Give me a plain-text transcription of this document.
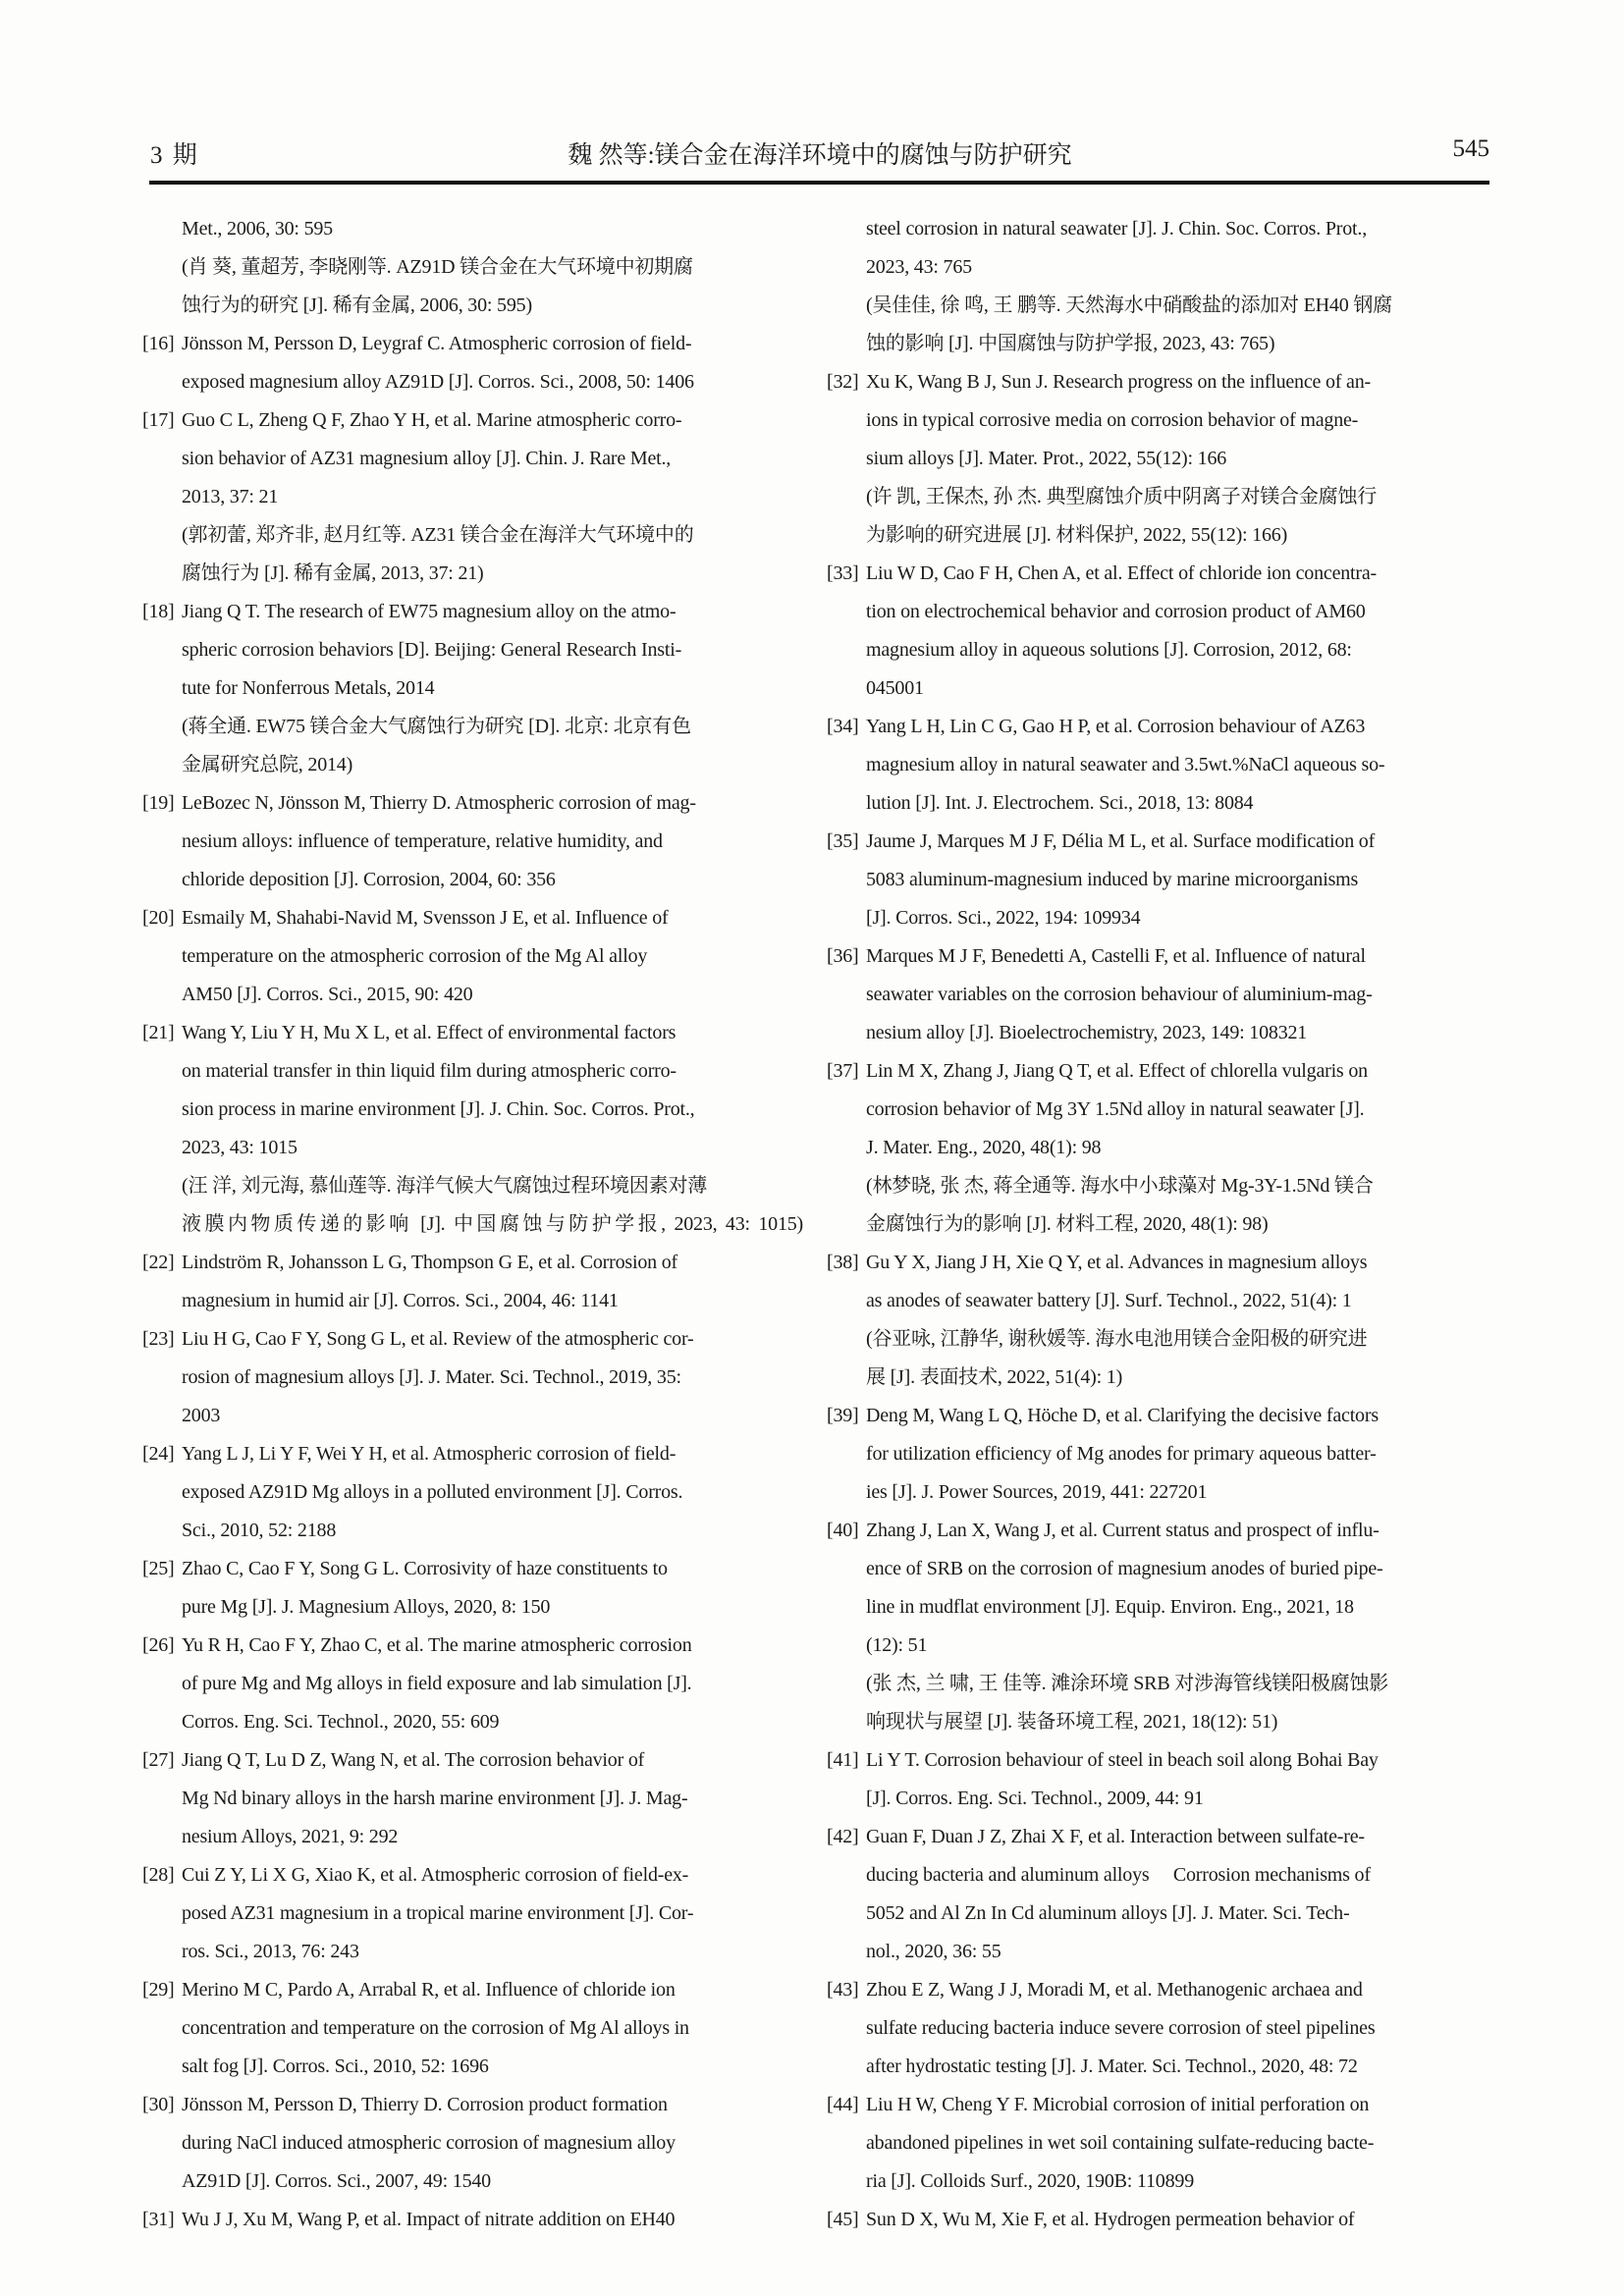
3 期	魏 然等:镁合金在海洋环境中的腐蚀与防护研究	545
Met., 2006, 30: 595
(肖 葵, 董超芳, 李晓刚等. AZ91D 镁合金在大气环境中初期腐
蚀行为的研究 [J]. 稀有金属, 2006, 30: 595)
[16] Jönsson M, Persson D, Leygraf C. Atmospheric corrosion of field-
exposed magnesium alloy AZ91D [J]. Corros. Sci., 2008, 50: 1406
[17] Guo C L, Zheng Q F, Zhao Y H, et al. Marine atmospheric corro-
sion behavior of AZ31 magnesium alloy [J]. Chin. J. Rare Met.,
2013, 37: 21
(郭初蕾, 郑齐非, 赵月红等. AZ31 镁合金在海洋大气环境中的
腐蚀行为 [J]. 稀有金属, 2013, 37: 21)
[18] Jiang Q T. The research of EW75 magnesium alloy on the atmo-
spheric corrosion behaviors [D]. Beijing: General Research Insti-
tute for Nonferrous Metals, 2014
(蒋全通. EW75 镁合金大气腐蚀行为研究 [D]. 北京: 北京有色
金属研究总院, 2014)
[19] LeBozec N, Jönsson M, Thierry D. Atmospheric corrosion of mag-
nesium alloys: influence of temperature, relative humidity, and
chloride deposition [J]. Corrosion, 2004, 60: 356
[20] Esmaily M, Shahabi-Navid M, Svensson J E, et al. Influence of
temperature on the atmospheric corrosion of the Mg Al alloy
AM50 [J]. Corros. Sci., 2015, 90: 420
[21] Wang Y, Liu Y H, Mu X L, et al. Effect of environmental factors
on material transfer in thin liquid film during atmospheric corro-
sion process in marine environment [J]. J. Chin. Soc. Corros. Prot.,
2023, 43: 1015
(汪 洋, 刘元海, 慕仙莲等. 海洋气候大气腐蚀过程环境因素对薄
液膜内物质传递的影响 [J]. 中国腐蚀与防护学报, 2023, 43: 1015)
[22] Lindström R, Johansson L G, Thompson G E, et al. Corrosion of
magnesium in humid air [J]. Corros. Sci., 2004, 46: 1141
[23] Liu H G, Cao F Y, Song G L, et al. Review of the atmospheric cor-
rosion of magnesium alloys [J]. J. Mater. Sci. Technol., 2019, 35:
2003
[24] Yang L J, Li Y F, Wei Y H, et al. Atmospheric corrosion of field-
exposed AZ91D Mg alloys in a polluted environment [J]. Corros.
Sci., 2010, 52: 2188
[25] Zhao C, Cao F Y, Song G L. Corrosivity of haze constituents to
pure Mg [J]. J. Magnesium Alloys, 2020, 8: 150
[26] Yu R H, Cao F Y, Zhao C, et al. The marine atmospheric corrosion
of pure Mg and Mg alloys in field exposure and lab simulation [J].
Corros. Eng. Sci. Technol., 2020, 55: 609
[27] Jiang Q T, Lu D Z, Wang N, et al. The corrosion behavior of
Mg Nd binary alloys in the harsh marine environment [J]. J. Mag-
nesium Alloys, 2021, 9: 292
[28] Cui Z Y, Li X G, Xiao K, et al. Atmospheric corrosion of field-ex-
posed AZ31 magnesium in a tropical marine environment [J]. Cor-
ros. Sci., 2013, 76: 243
[29] Merino M C, Pardo A, Arrabal R, et al. Influence of chloride ion
concentration and temperature on the corrosion of Mg Al alloys in
salt fog [J]. Corros. Sci., 2010, 52: 1696
[30] Jönsson M, Persson D, Thierry D. Corrosion product formation
during NaCl induced atmospheric corrosion of magnesium alloy
AZ91D [J]. Corros. Sci., 2007, 49: 1540
[31] Wu J J, Xu M, Wang P, et al. Impact of nitrate addition on EH40
steel corrosion in natural seawater [J]. J. Chin. Soc. Corros. Prot.,
2023, 43: 765
(吴佳佳, 徐 鸣, 王 鹏等. 天然海水中硝酸盐的添加对 EH40 钢腐
蚀的影响 [J]. 中国腐蚀与防护学报, 2023, 43: 765)
[32] Xu K, Wang B J, Sun J. Research progress on the influence of an-
ions in typical corrosive media on corrosion behavior of magne-
sium alloys [J]. Mater. Prot., 2022, 55(12): 166
(许 凯, 王保杰, 孙 杰. 典型腐蚀介质中阴离子对镁合金腐蚀行
为影响的研究进展 [J]. 材料保护, 2022, 55(12): 166)
[33] Liu W D, Cao F H, Chen A, et al. Effect of chloride ion concentra-
tion on electrochemical behavior and corrosion product of AM60
magnesium alloy in aqueous solutions [J]. Corrosion, 2012, 68:
045001
[34] Yang L H, Lin C G, Gao H P, et al. Corrosion behaviour of AZ63
magnesium alloy in natural seawater and 3.5wt.%NaCl aqueous so-
lution [J]. Int. J. Electrochem. Sci., 2018, 13: 8084
[35] Jaume J, Marques M J F, Délia M L, et al. Surface modification of
5083 aluminum-magnesium induced by marine microorganisms
[J]. Corros. Sci., 2022, 194: 109934
[36] Marques M J F, Benedetti A, Castelli F, et al. Influence of natural
seawater variables on the corrosion behaviour of aluminium-mag-
nesium alloy [J]. Bioelectrochemistry, 2023, 149: 108321
[37] Lin M X, Zhang J, Jiang Q T, et al. Effect of chlorella vulgaris on
corrosion behavior of Mg 3Y 1.5Nd alloy in natural seawater [J].
J. Mater. Eng., 2020, 48(1): 98
(林梦晓, 张 杰, 蒋全通等. 海水中小球藻对 Mg-3Y-1.5Nd 镁合
金腐蚀行为的影响 [J]. 材料工程, 2020, 48(1): 98)
[38] Gu Y X, Jiang J H, Xie Q Y, et al. Advances in magnesium alloys
as anodes of seawater battery [J]. Surf. Technol., 2022, 51(4): 1
(谷亚咏, 江静华, 谢秋媛等. 海水电池用镁合金阳极的研究进
展 [J]. 表面技术, 2022, 51(4): 1)
[39] Deng M, Wang L Q, Höche D, et al. Clarifying the decisive factors
for utilization efficiency of Mg anodes for primary aqueous batter-
ies [J]. J. Power Sources, 2019, 441: 227201
[40] Zhang J, Lan X, Wang J, et al. Current status and prospect of influ-
ence of SRB on the corrosion of magnesium anodes of buried pipe-
line in mudflat environment [J]. Equip. Environ. Eng., 2021, 18
(12): 51
(张 杰, 兰 啸, 王 佳等. 滩涂环境 SRB 对涉海管线镁阳极腐蚀影
响现状与展望 [J]. 装备环境工程, 2021, 18(12): 51)
[41] Li Y T. Corrosion behaviour of steel in beach soil along Bohai Bay
[J]. Corros. Eng. Sci. Technol., 2009, 44: 91
[42] Guan F, Duan J Z, Zhai X F, et al. Interaction between sulfate-re-
ducing bacteria and aluminum alloys   Corrosion mechanisms of
5052 and Al Zn In Cd aluminum alloys [J]. J. Mater. Sci. Tech-
nol., 2020, 36: 55
[43] Zhou E Z, Wang J J, Moradi M, et al. Methanogenic archaea and
sulfate reducing bacteria induce severe corrosion of steel pipelines
after hydrostatic testing [J]. J. Mater. Sci. Technol., 2020, 48: 72
[44] Liu H W, Cheng Y F. Microbial corrosion of initial perforation on
abandoned pipelines in wet soil containing sulfate-reducing bacte-
ria [J]. Colloids Surf., 2020, 190B: 110899
[45] Sun D X, Wu M, Xie F, et al. Hydrogen permeation behavior of
